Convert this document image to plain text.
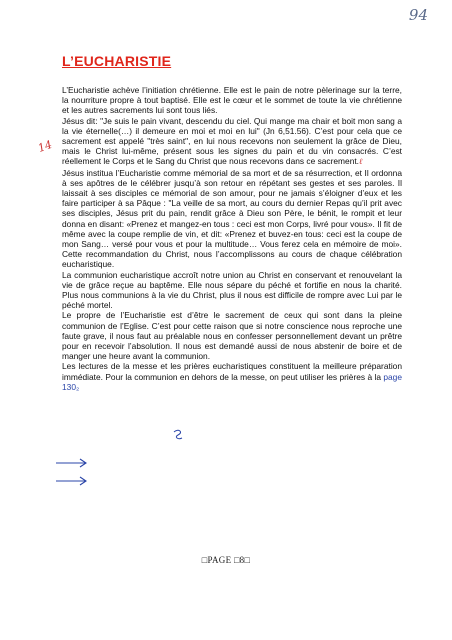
94
L’EUCHARISTIE
14

L’Eucharistie achève l’initiation chrétienne. Elle est le pain de notre pèlerinage sur la terre, la nourriture propre à tout baptisé. Elle est le cœur et le sommet de toute la vie chrétienne et les autres sacrements lui sont tous liés.

Jésus dit: "Je suis le pain vivant, descendu du ciel. Qui mange ma chair et boit mon sang a la vie éternelle(…) il demeure en moi et moi en lui" (Jn 6,51.56). C’est pour cela que ce sacrement est appelé "très saint", en lui nous recevons non seulement la grâce de Dieu, mais le Christ lui-même, présent sous les signes du pain et du vin consacrés. C’est réellement le Corps et le Sang du Christ que nous recevons dans ce sacrement.ℓ

Jésus institua l’Eucharistie comme mémorial de sa mort et de sa résurrection, et Il ordonna à ses apôtres de le célébrer jusqu’à son retour en répétant ses gestes et ses paroles. Il laissait à ses disciples ce mémorial de son amour, pour ne jamais s’éloigner d’eux et les faire participer à sa Pâque : "La veille de sa mort, au cours du dernier Repas qu’il prit avec ses disciples, Jésus prit du pain, rendit grâce à Dieu son Père, le bénit, le rompit et leur donna en disant: «Prenez et mangez-en tous : ceci est mon Corps, livré pour vous». Il fit de même avec la coupe remplie de vin, et dit: «Prenez et buvez-en tous: ceci est la coupe de mon Sang… versé pour vous et pour la multitude… Vous ferez cela en mémoire de moi». Cette recommandation du Christ, nous l’accomplissons au cours de chaque célébration eucharistique.

La communion eucharistique accroît notre union au Christ en conservant et renouvelant la vie de grâce reçue au baptême. Elle nous sépare du péché et fortifie en nous la charité. Plus nous communions à la vie du Christ, plus il nous est difficile de rompre avec Lui par le péché mortel.

Le propre de l’Eucharistie est d’être le sacrement de ceux qui sont dans la pleine communion de l’Eglise. C’est pour cette raison que si notre conscience nous reproche une faute grave, il nous faut au préalable nous en confesser personnellement devant un prêtre pour en recevoir l’absolution. Il nous est demandé aussi de nous abstenir de boire et de manger une heure avant la communion.

Les lectures de la messe et les prières eucharistiques constituent la meilleure préparation immédiate. Pour la communion en dehors de la messe, on peut utiliser les prières à la page 130₂

□PAGE □8□
